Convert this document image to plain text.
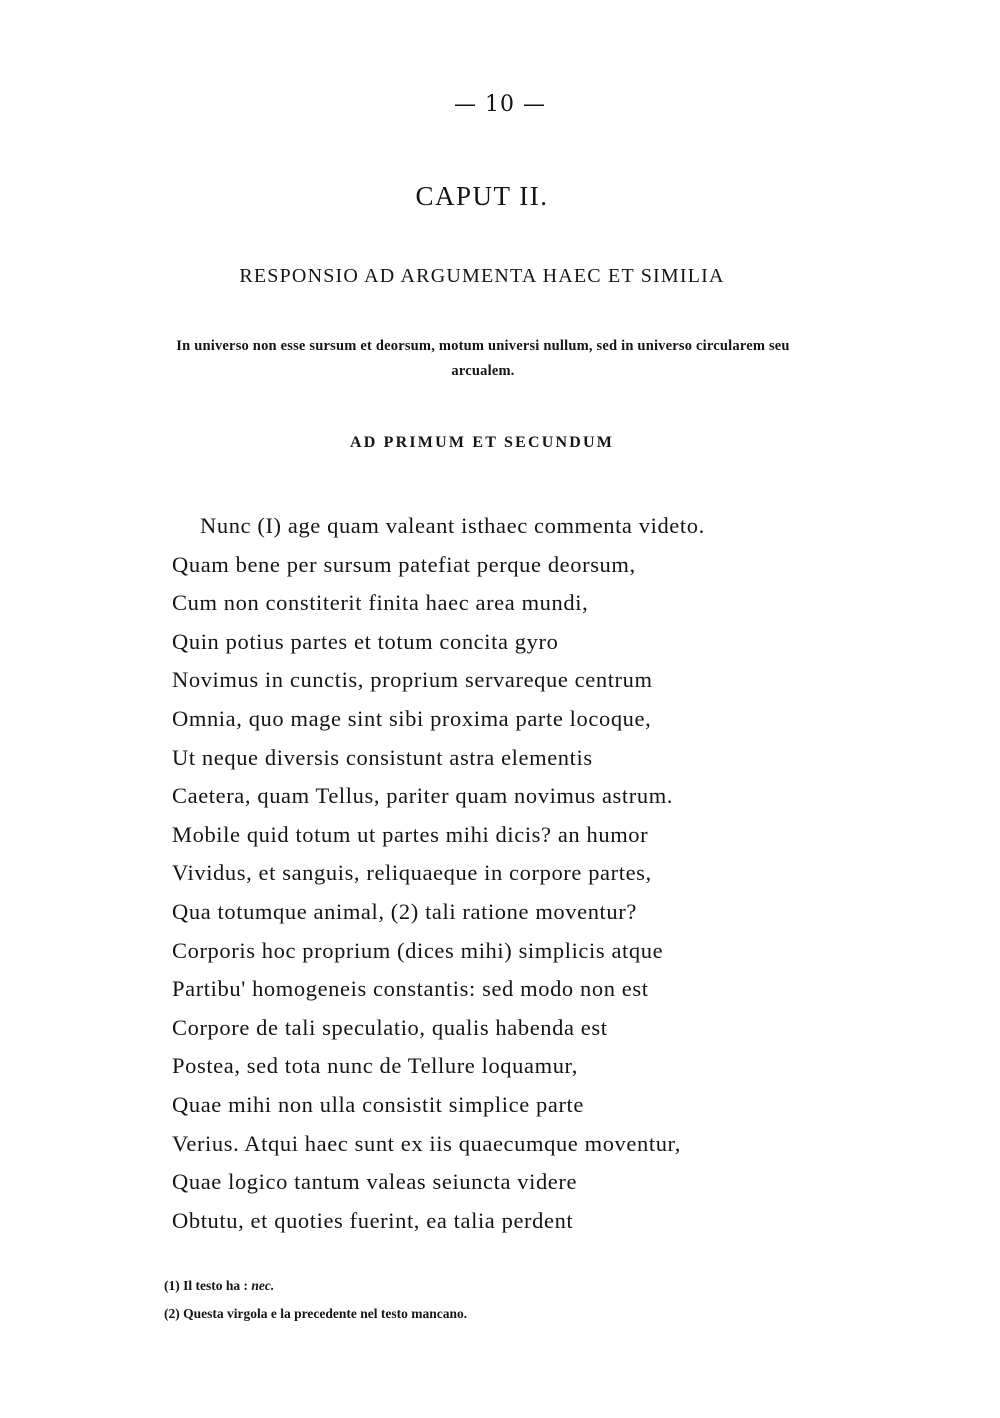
— 10 —
CAPUT II.
RESPONSIO AD ARGUMENTA HAEC ET SIMILIA
In universo non esse sursum et deorsum, motum universi nullum, sed in universo circularem seu arcualem.
AD PRIMUM ET SECUNDUM
Nunc (I) age quam valeant isthaec commenta videto.
Quam bene per sursum patefiat perque deorsum,
Cum non constiterit finita haec area mundi,
Quin potius partes et totum concita gyro
Novimus in cunctis, proprium servareque centrum
Omnia, quo mage sint sibi proxima parte locoque,
Ut neque diversis consistunt astra elementis
Caetera, quam Tellus, pariter quam novimus astrum.
Mobile quid totum ut partes mihi dicis? an humor
Vividus, et sanguis, reliquaeque in corpore partes,
Qua totumque animal, (2) tali ratione moventur?
Corporis hoc proprium (dices mihi) simplicis atque
Partibu' homogeneis constantis: sed modo non est
Corpore de tali speculatio, qualis habenda est
Postea, sed tota nunc de Tellure loquamur,
Quae mihi non ulla consistit simplice parte
Verius. Atqui haec sunt ex iis quaecumque moventur,
Quae logico tantum valeas seiuncta videre
Obtutu, et quoties fuerint, ea talia perdent
(1) Il testo ha : nec.
(2) Questa virgola e la precedente nel testo mancano.
